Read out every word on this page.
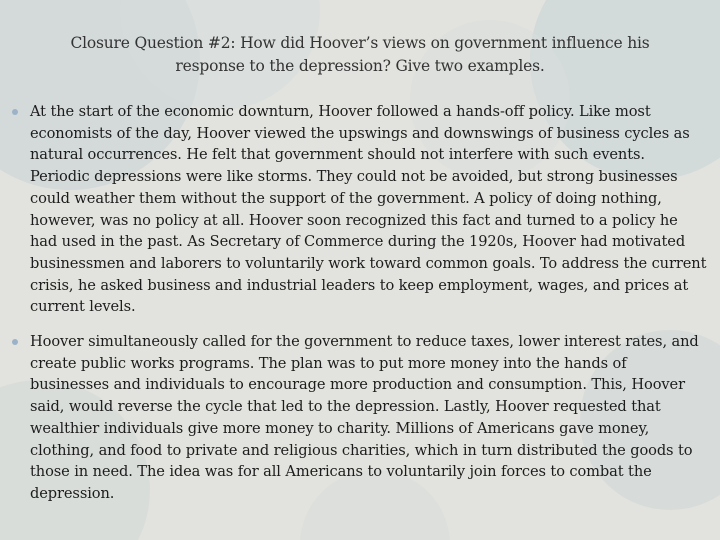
Closure Question #2: How did Hoover’s views on government influence his response to the depression? Give two examples.
At the start of the economic downturn, Hoover followed a hands-off policy. Like most economists of the day, Hoover viewed the upswings and downswings of business cycles as natural occurrences. He felt that government should not interfere with such events. Periodic depressions were like storms. They could not be avoided, but strong businesses could weather them without the support of the government. A policy of doing nothing, however, was no policy at all. Hoover soon recognized this fact and turned to a policy he had used in the past. As Secretary of Commerce during the 1920s, Hoover had motivated businessmen and laborers to voluntarily work toward common goals. To address the current crisis, he asked business and industrial leaders to keep employment, wages, and prices at current levels.
Hoover simultaneously called for the government to reduce taxes, lower interest rates, and create public works programs. The plan was to put more money into the hands of businesses and individuals to encourage more production and consumption. This, Hoover said, would reverse the cycle that led to the depression. Lastly, Hoover requested that wealthier individuals give more money to charity. Millions of Americans gave money, clothing, and food to private and religious charities, which in turn distributed the goods to those in need. The idea was for all Americans to voluntarily join forces to combat the depression.
